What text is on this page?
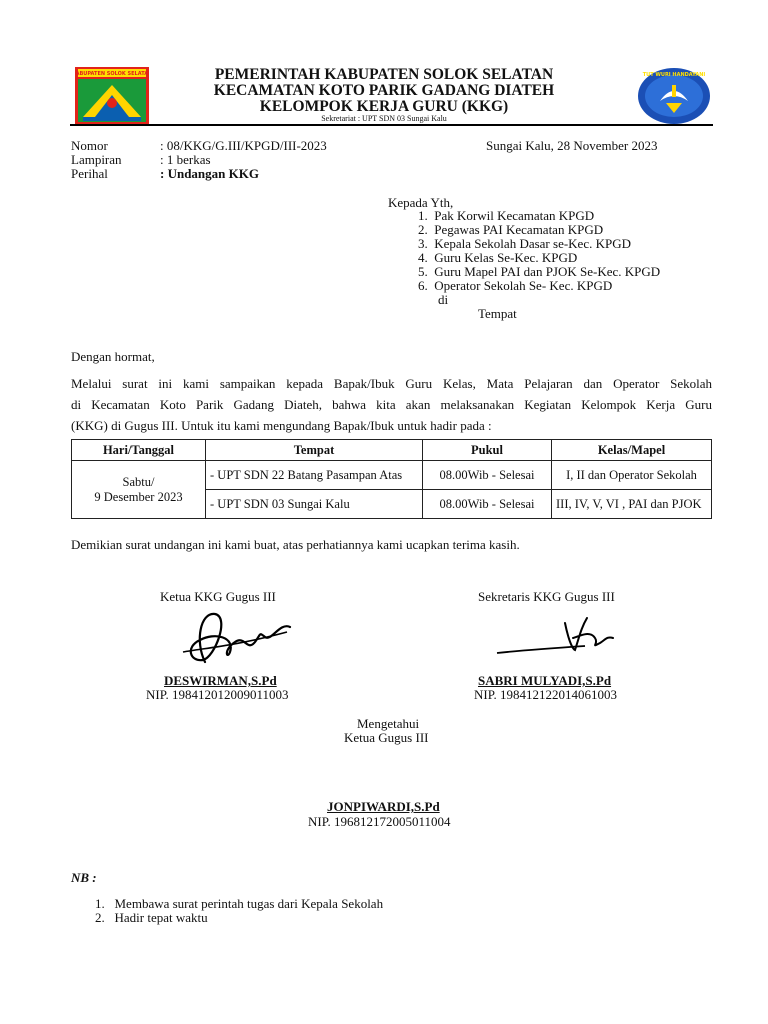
KABUPATEN SOLOK SELATAN	TUT WURI HANDAYANI
PEMERINTAH KABUPATEN SOLOK SELATAN
KECAMATAN KOTO PARIK GADANG DIATEH
KELOMPOK KERJA GURU (KKG)
Sekretariat : UPT SDN 03 Sungai Kalu
Nomor	: 08/KKG/G.III/KPGD/III-2023	Sungai Kalu, 28 November 2023
Lampiran	: 1 berkas
Perihal	: Undangan KKG
Kepada Yth,
1.  Pak Korwil Kecamatan KPGD
2.  Pegawas PAI Kecamatan KPGD
3.  Kepala Sekolah Dasar se-Kec. KPGD
4.  Guru Kelas Se-Kec. KPGD
5.  Guru Mapel PAI dan PJOK Se-Kec. KPGD
6.  Operator Sekolah Se- Kec. KPGD
di
Tempat
Dengan hormat,
Melalui surat ini kami sampaikan kepada Bapak/Ibuk Guru Kelas, Mata Pelajaran dan Operator Sekolah
di Kecamatan Koto Parik Gadang Diateh, bahwa kita akan melaksanakan Kegiatan Kelompok Kerja Guru
(KKG) di Gugus III. Untuk itu kami mengundang Bapak/Ibuk untuk hadir pada :
Hari/Tanggal	Tempat	Pukul	Kelas/Mapel

Sabtu/
9 Desember 2023	- UPT SDN 22 Batang Pasampan Atas	08.00Wib - Selesai	I, II dan Operator Sekolah
	- UPT SDN 03 Sungai Kalu	08.00Wib - Selesai	III, IV, V, VI , PAI dan PJOK
Demikian surat undangan ini kami buat, atas perhatiannya kami ucapkan terima kasih.
Ketua KKG Gugus III
DESWIRMAN,S.Pd
NIP. 198412012009011003
Sekretaris KKG Gugus III
SABRI MULYADI,S.Pd
NIP. 198412122014061003
Mengetahui
Ketua Gugus III
JONPIWARDI,S.Pd
NIP. 196812172005011004
NB :
1.   Membawa surat perintah tugas dari Kepala Sekolah
2.   Hadir tepat waktu
